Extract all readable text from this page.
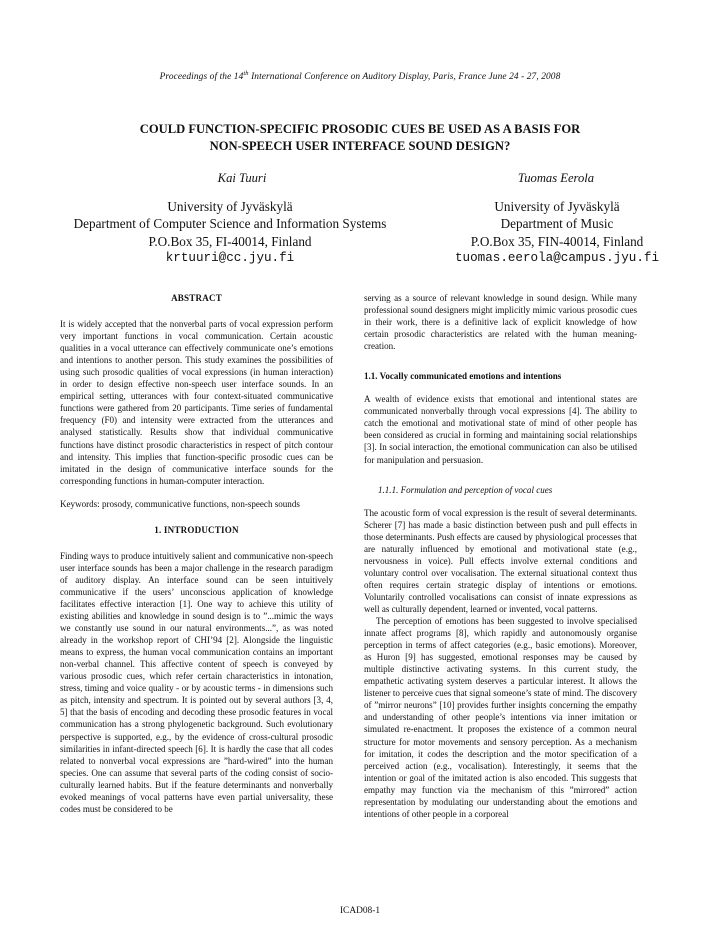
Proceedings of the 14th International Conference on Auditory Display, Paris, France June 24 - 27, 2008
COULD FUNCTION-SPECIFIC PROSODIC CUES BE USED AS A BASIS FOR
NON-SPEECH USER INTERFACE SOUND DESIGN?
Kai Tuuri	Tuomas Eerola
University of Jyväskylä
Department of Computer Science and Information Systems
P.O.Box 35, FI-40014, Finland
krtuuri@cc.jyu.fi
University of Jyväskylä
Department of Music
P.O.Box 35, FIN-40014, Finland
tuomas.eerola@campus.jyu.fi

ABSTRACT

It is widely accepted that the nonverbal parts of vocal expression perform very important functions in vocal communication. Certain acoustic qualities in a vocal utterance can effectively communicate one’s emotions and intentions to another person. This study examines the possibilities of using such prosodic qualities of vocal expressions (in human interaction) in order to design effective non-speech user interface sounds. In an empirical setting, utterances with four context-situated communicative functions were gathered from 20 participants. Time series of fundamental frequency (F0) and intensity were extracted from the utterances and analysed statistically. Results show that individual communicative functions have distinct prosodic characteristics in respect of pitch contour and intensity. This implies that function-specific prosodic cues can be imitated in the design of communicative interface sounds for the corresponding functions in human-computer interaction.

Keywords: prosody, communicative functions, non-speech sounds

1. INTRODUCTION

Finding ways to produce intuitively salient and communicative non-speech user interface sounds has been a major challenge in the research paradigm of auditory display. An interface sound can be seen intuitively communicative if the users’ unconscious application of knowledge facilitates effective interaction [1]. One way to achieve this utility of existing abilities and knowledge in sound design is to ”...mimic the ways we constantly use sound in our natural environments...”, as was noted already in the workshop report of CHI’94 [2]. Alongside the linguistic means to express, the human vocal communication contains an important non-verbal channel. This affective content of speech is conveyed by various prosodic cues, which refer certain characteristics in intonation, stress, timing and voice quality - or by acoustic terms - in dimensions such as pitch, intensity and spectrum. It is pointed out by several authors [3, 4, 5] that the basis of encoding and decoding these prosodic features in vocal communication has a strong phylogenetic background. Such evolutionary perspective is supported, e.g., by the evidence of cross-cultural prosodic similarities in infant-directed speech [6]. It is hardly the case that all codes related to nonverbal vocal expressions are ”hard-wired” into the human species. One can assume that several parts of the coding consist of socio-culturally learned habits. But if the feature determinants and nonverbally evoked meanings of vocal patterns have even partial universality, these codes must be considered to be

serving as a source of relevant knowledge in sound design. While many professional sound designers might implicitly mimic various prosodic cues in their work, there is a definitive lack of explicit knowledge of how certain prosodic characteristics are related with the human meaning-creation.

1.1. Vocally communicated emotions and intentions

A wealth of evidence exists that emotional and intentional states are communicated nonverbally through vocal expressions [4]. The ability to catch the emotional and motivational state of mind of other people has been considered as crucial in forming and maintaining social relationships [3]. In social interaction, the emotional communication can also be utilised for manipulation and persuasion.

1.1.1. Formulation and perception of vocal cues

The acoustic form of vocal expression is the result of several determinants. Scherer [7] has made a basic distinction between push and pull effects in those determinants. Push effects are caused by physiological processes that are naturally influenced by emotional and motivational state (e.g., nervousness in voice). Pull effects involve external conditions and voluntary control over vocalisation. The external situational context thus often requires certain strategic display of intentions or emotions. Voluntarily controlled vocalisations can consist of innate expressions as well as culturally dependent, learned or invented, vocal patterns.

The perception of emotions has been suggested to involve specialised innate affect programs [8], which rapidly and autonomously organise perception in terms of affect categories (e.g., basic emotions). Moreover, as Huron [9] has suggested, emotional responses may be caused by multiple distinctive activating systems. In this current study, the empathetic activating system deserves a particular interest. It allows the listener to perceive cues that signal someone’s state of mind. The discovery of ”mirror neurons” [10] provides further insights concerning the empathy and understanding of other people’s intentions via inner imitation or simulated re-enactment. It proposes the existence of a common neural structure for motor movements and sensory perception. As a mechanism for imitation, it codes the description and the motor specification of a perceived action (e.g., vocalisation). Interestingly, it seems that the intention or goal of the imitated action is also encoded. This suggests that empathy may function via the mechanism of this ”mirrored” action representation by modulating our understanding about the emotions and intentions of other people in a corporeal

ICAD08-1
